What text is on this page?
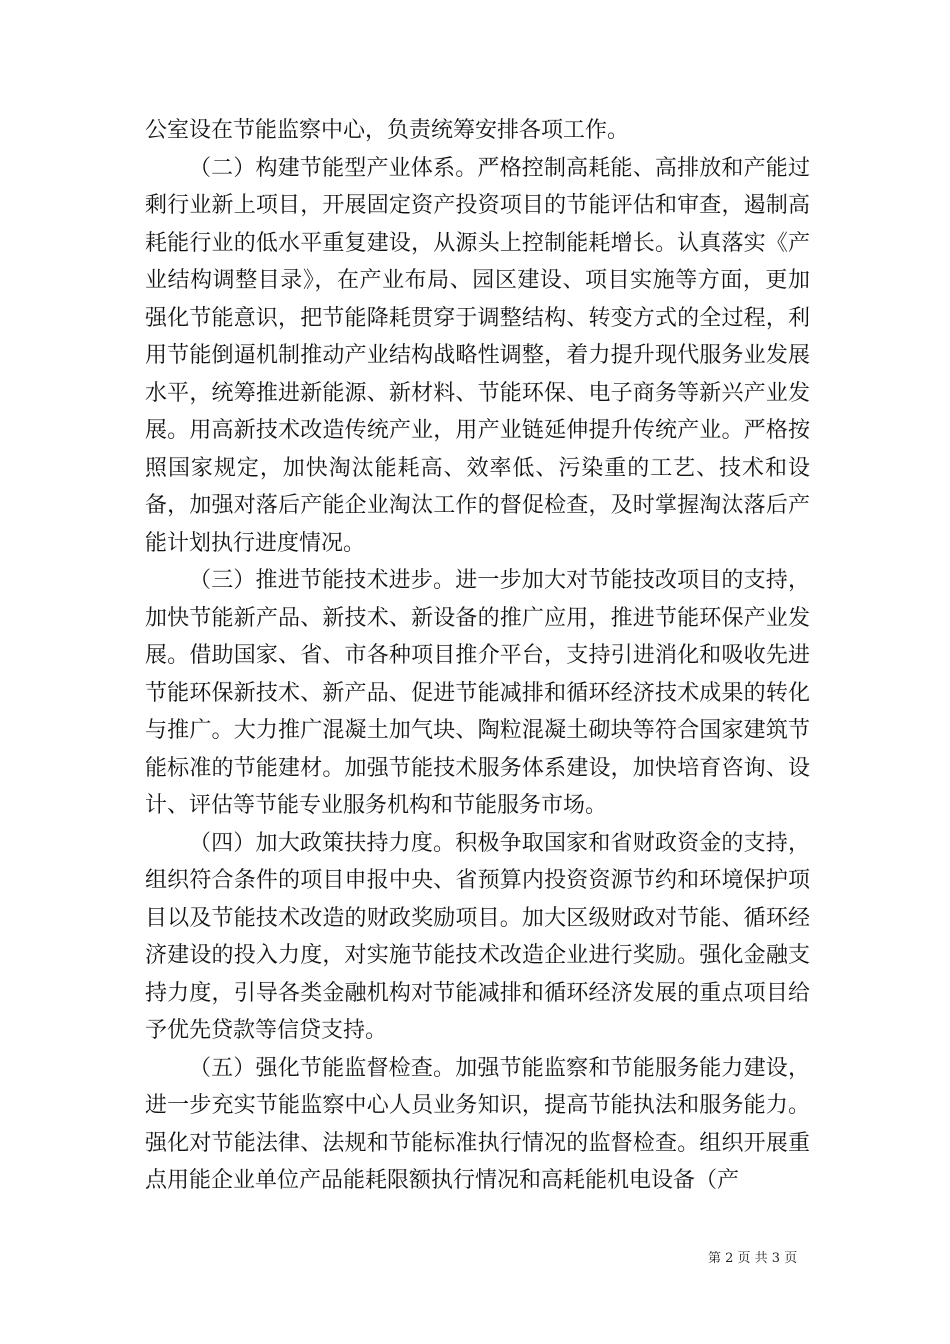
公室设在节能监察中心，负责统筹安排各项工作。

（二）构建节能型产业体系。严格控制高耗能、高排放和产能过剩行业新上项目，开展固定资产投资项目的节能评估和审查，遏制高耗能行业的低水平重复建设，从源头上控制能耗增长。认真落实《产业结构调整目录》，在产业布局、园区建设、项目实施等方面，更加强化节能意识，把节能降耗贯穿于调整结构、转变方式的全过程，利用节能倒逼机制推动产业结构战略性调整，着力提升现代服务业发展水平，统筹推进新能源、新材料、节能环保、电子商务等新兴产业发展。用高新技术改造传统产业，用产业链延伸提升传统产业。严格按照国家规定，加快淘汰能耗高、效率低、污染重的工艺、技术和设备，加强对落后产能企业淘汰工作的督促检查，及时掌握淘汰落后产能计划执行进度情况。

（三）推进节能技术进步。进一步加大对节能技改项目的支持，加快节能新产品、新技术、新设备的推广应用，推进节能环保产业发展。借助国家、省、市各种项目推介平台，支持引进消化和吸收先进节能环保新技术、新产品、促进节能减排和循环经济技术成果的转化与推广。大力推广混凝土加气块、陶粒混凝土砌块等符合国家建筑节能标准的节能建材。加强节能技术服务体系建设，加快培育咨询、设计、评估等节能专业服务机构和节能服务市场。

（四）加大政策扶持力度。积极争取国家和省财政资金的支持，组织符合条件的项目申报中央、省预算内投资资源节约和环境保护项目以及节能技术改造的财政奖励项目。加大区级财政对节能、循环经济建设的投入力度，对实施节能技术改造企业进行奖励。强化金融支持力度，引导各类金融机构对节能减排和循环经济发展的重点项目给予优先贷款等信贷支持。

（五）强化节能监督检查。加强节能监察和节能服务能力建设，进一步充实节能监察中心人员业务知识，提高节能执法和服务能力。强化对节能法律、法规和节能标准执行情况的监督检查。组织开展重点用能企业单位产品能耗限额执行情况和高耗能机电设备（产

第 2 页 共 3 页
